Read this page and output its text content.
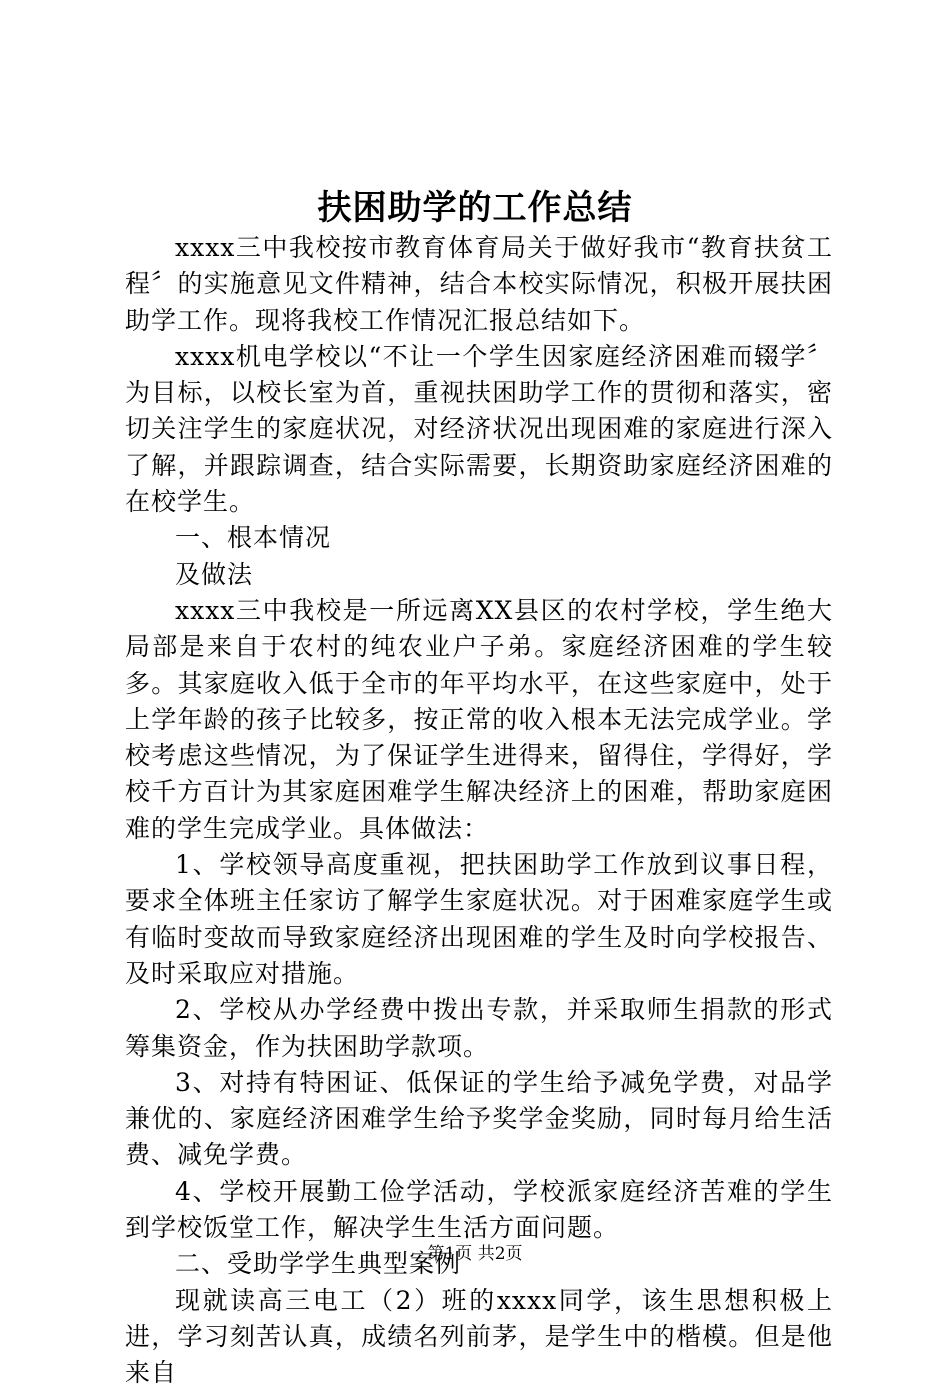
扶困助学的工作总结

xxxx三中我校按市教育体育局关于做好我市“教育扶贫工程〞的实施意见文件精神，结合本校实际情况，积极开展扶困助学工作。现将我校工作情况汇报总结如下。

xxxx机电学校以“不让一个学生因家庭经济困难而辍学〞为目标，以校长室为首，重视扶困助学工作的贯彻和落实，密切关注学生的家庭状况，对经济状况出现困难的家庭进行深入了解，并跟踪调查，结合实际需要，长期资助家庭经济困难的在校学生。

一、根本情况

及做法

xxxx三中我校是一所远离XX县区的农村学校，学生绝大局部是来自于农村的纯农业户子弟。家庭经济困难的学生较多。其家庭收入低于全市的年平均水平，在这些家庭中，处于上学年龄的孩子比较多，按正常的收入根本无法完成学业。学校考虑这些情况，为了保证学生进得来，留得住，学得好，学校千方百计为其家庭困难学生解决经济上的困难，帮助家庭困难的学生完成学业。具体做法：

1、学校领导高度重视，把扶困助学工作放到议事日程，要求全体班主任家访了解学生家庭状况。对于困难家庭学生或有临时变故而导致家庭经济出现困难的学生及时向学校报告、及时采取应对措施。

2、学校从办学经费中拨出专款，并采取师生捐款的形式筹集资金，作为扶困助学款项。

3、对持有特困证、低保证的学生给予减免学费，对品学兼优的、家庭经济困难学生给予奖学金奖励，同时每月给生活费、减免学费。

4、学校开展勤工俭学活动，学校派家庭经济苦难的学生到学校饭堂工作，解决学生生活方面问题。

二、受助学学生典型案例

现就读高三电工（2）班的xxxx同学，该生思想积极上进，学习刻苦认真，成绩名列前茅，是学生中的楷模。但是他来自

第1页 共2页
